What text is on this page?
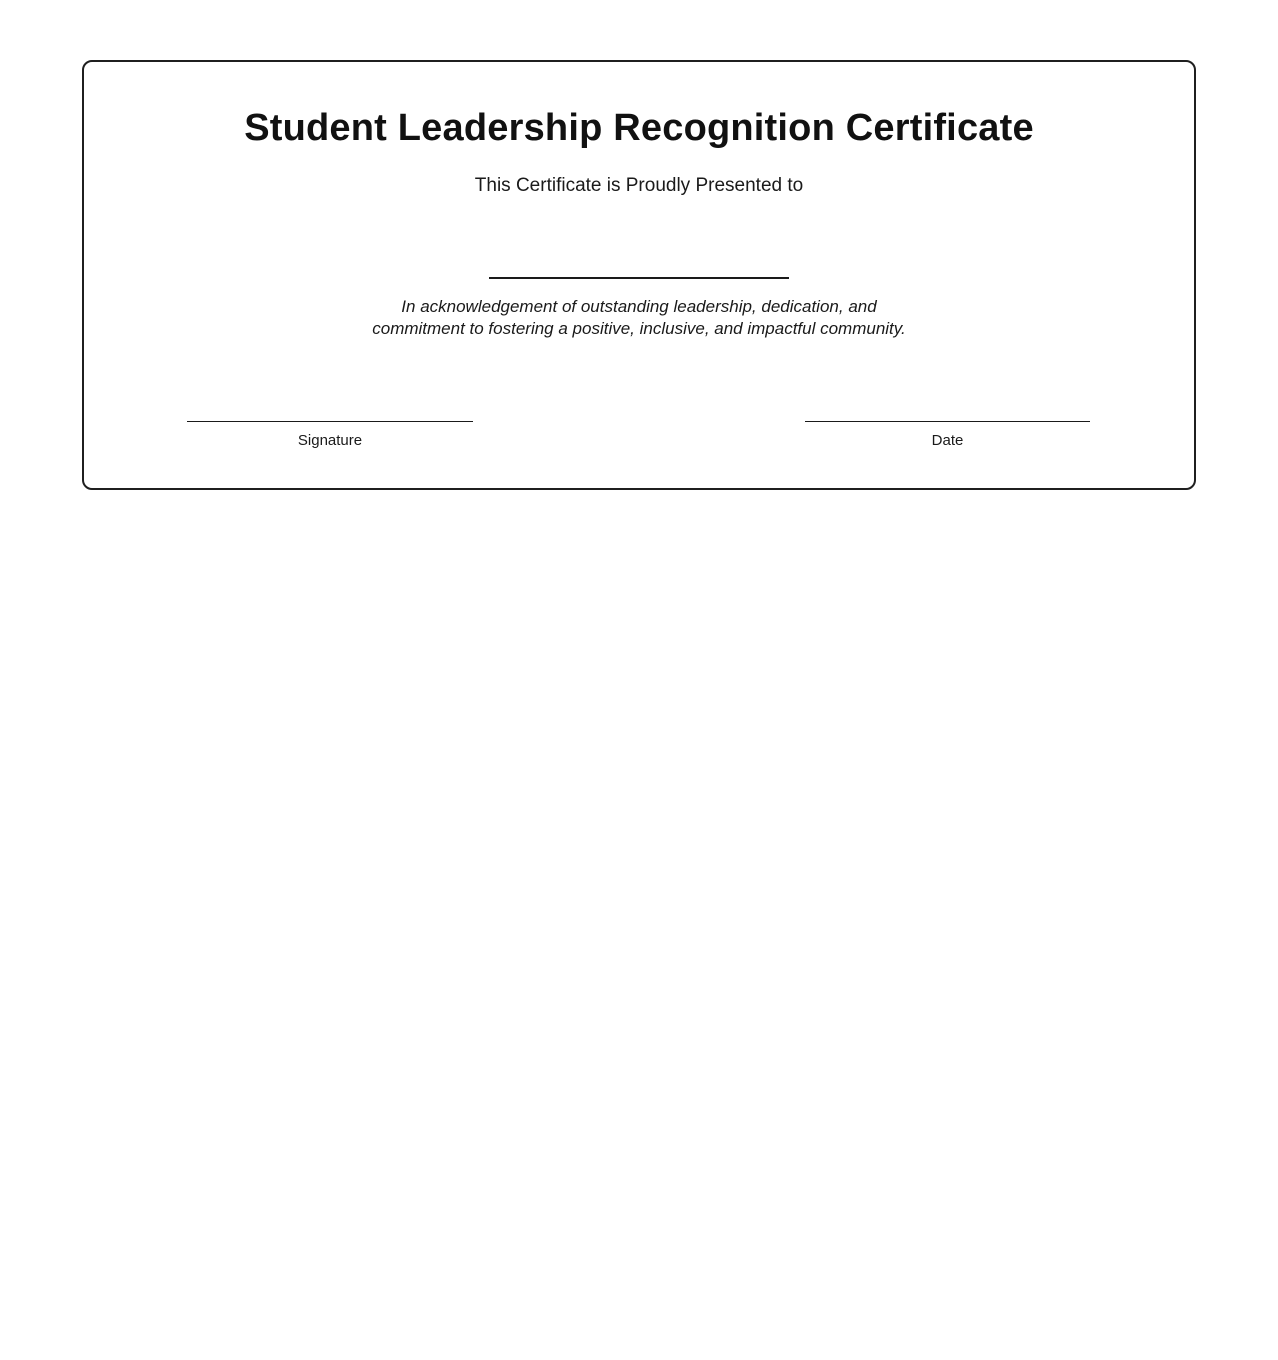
Student Leadership Recognition Certificate

This Certificate is Proudly Presented to

In acknowledgement of outstanding leadership, dedication, and
commitment to fostering a positive, inclusive, and impactful community.
Signature	Date
